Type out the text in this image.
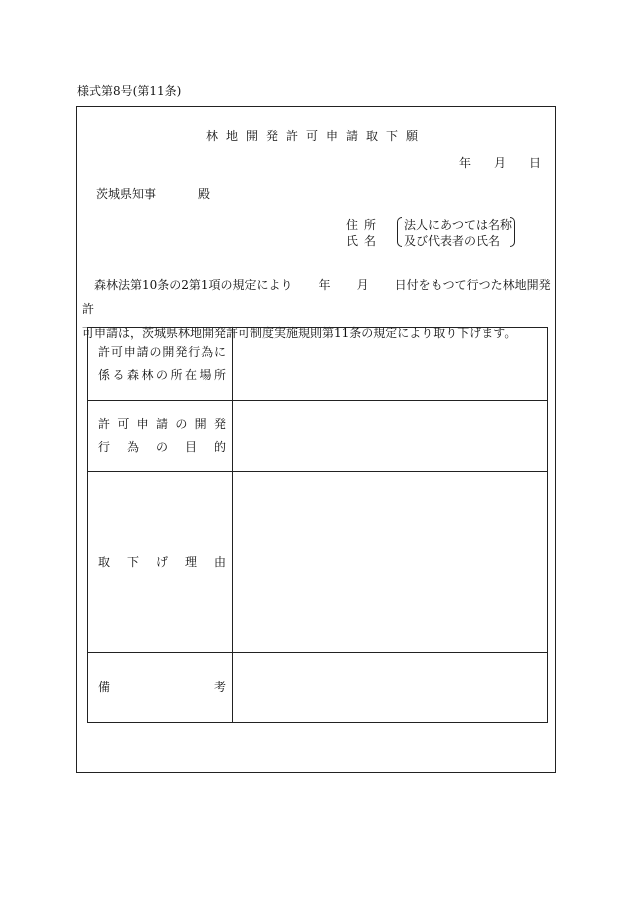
様式第8号(第11条)
林地開発許可申請取下願
年 月 日
茨城県知事	殿
住所
氏名
法人にあつては名称
及び代表者の氏名

森林法第10条の2第1項の規定により 年 月 日付をもつて行つた林地開発許
可申請は，茨城県林地開発許可制度実施規則第11条の規定により取り下げます。

許可申請の開発行為に
係る森林の所在場所	

許可申請の開発
行為の目的	

取下げ理由	

備考	
